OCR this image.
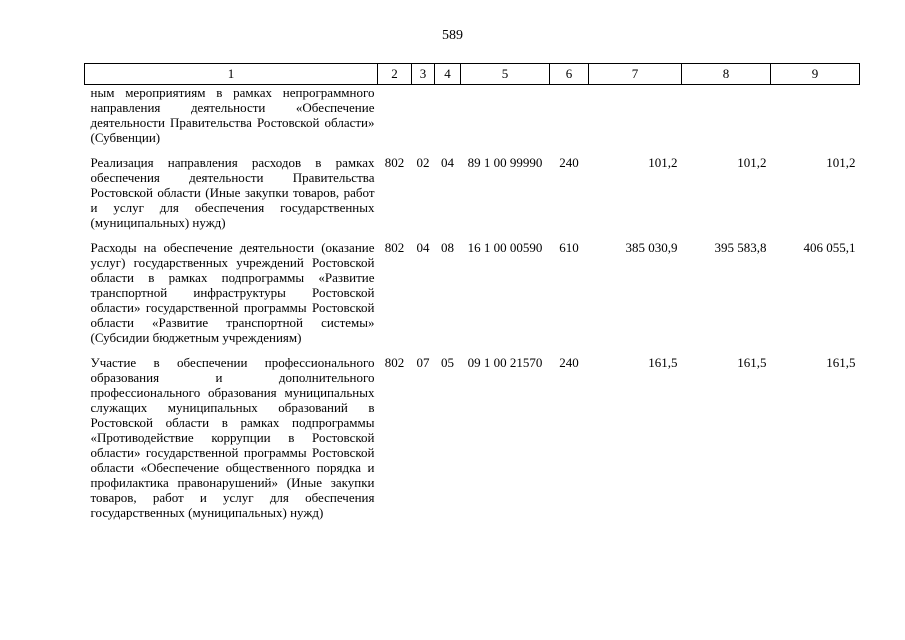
589
1	2	3	4	5	6	7	8	9
ным мероприятиям в рамках непрограммного направления деятельности «Обеспечение деятельности Правительства Ростовской области» (Субвенции)								
Реализация направления расходов в рамках обеспечения деятельности Правительства Ростовской области (Иные закупки товаров, работ и услуг для обеспечения государственных (муниципальных) нужд)	802	02	04	89 1 00 99990	240	101,2	101,2	101,2
Расходы на обеспечение деятельности (оказание услуг) государственных учреждений Ростовской области в рамках подпрограммы «Развитие транспортной инфраструктуры Ростовской области» государственной программы Ростовской области «Развитие транспортной системы» (Субсидии бюджетным учреждениям)	802	04	08	16 1 00 00590	610	385 030,9	395 583,8	406 055,1
Участие в обеспечении профессионального образования и дополнительного профессионального образования муниципальных служащих муниципальных образований в Ростовской области в рамках подпрограммы «Противодействие коррупции в Ростовской области» государственной программы Ростовской области «Обеспечение общественного порядка и профилактика правонарушений» (Иные закупки товаров, работ и услуг для обеспечения государственных (муниципальных) нужд)	802	07	05	09 1 00 21570	240	161,5	161,5	161,5
